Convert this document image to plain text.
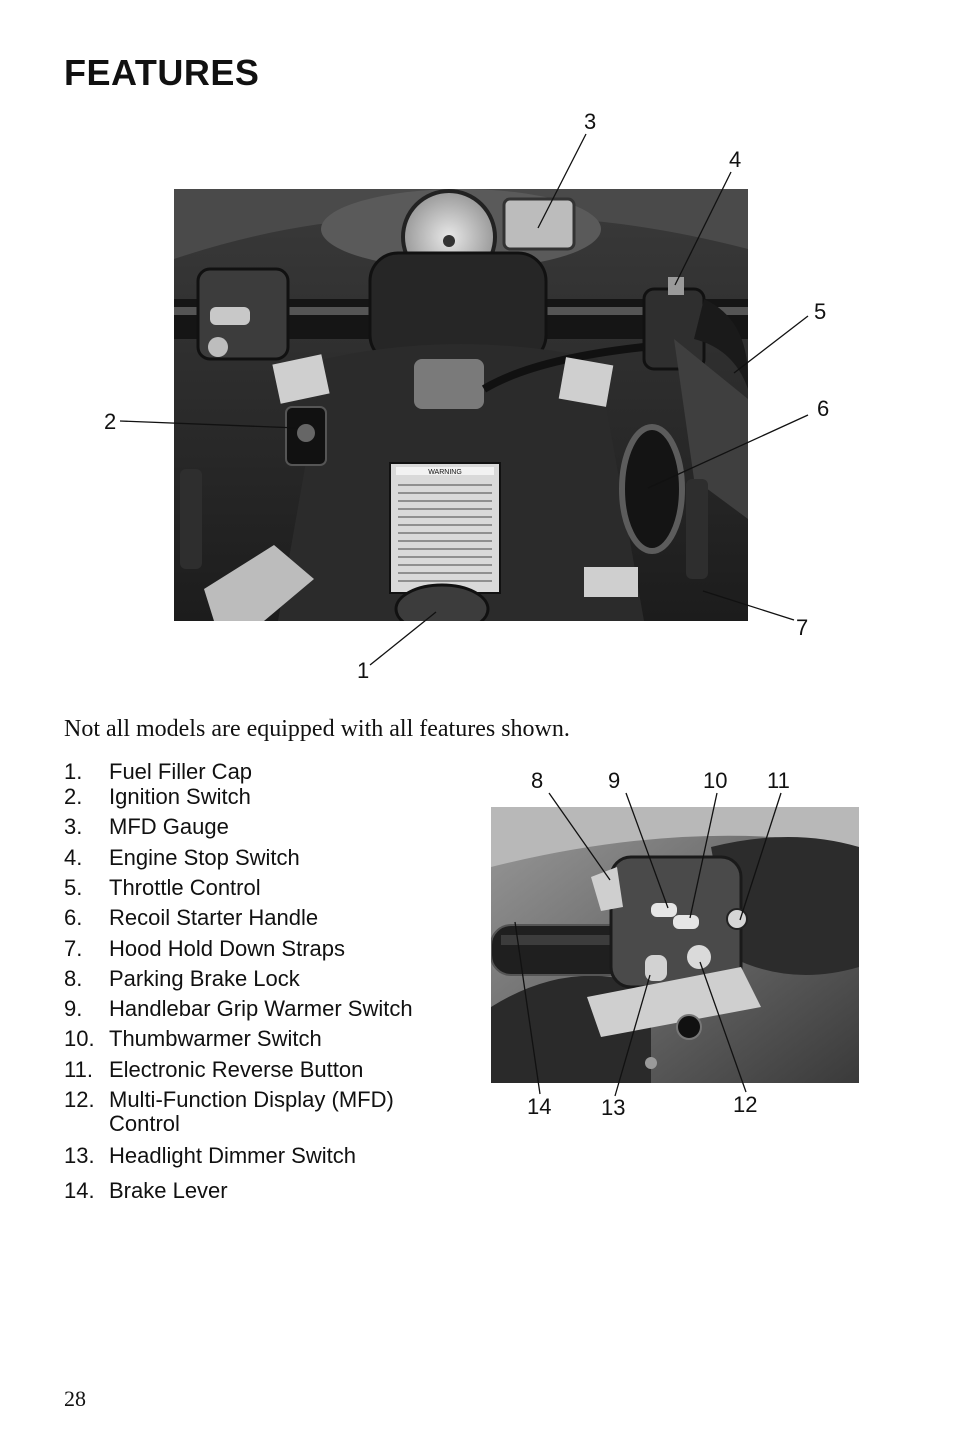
FEATURES
WARNING
1
2
3
4
5
6
7

Not all models are equipped with all features shown.

1.	Fuel Filler Cap
2.	Ignition Switch
3.	MFD Gauge
4.	Engine Stop Switch
5.	Throttle Control
6.	Recoil Starter Handle
7.	Hood Hold Down Straps
8.	Parking Brake Lock
9.	Handlebar Grip Warmer Switch
10. Thumbwarmer Switch
11. Electronic Reverse Button
12. Multi-Function Display (MFD) Control
13. Headlight Dimmer Switch
14. Brake Lever
8	9	10 11
12
13
14
28
